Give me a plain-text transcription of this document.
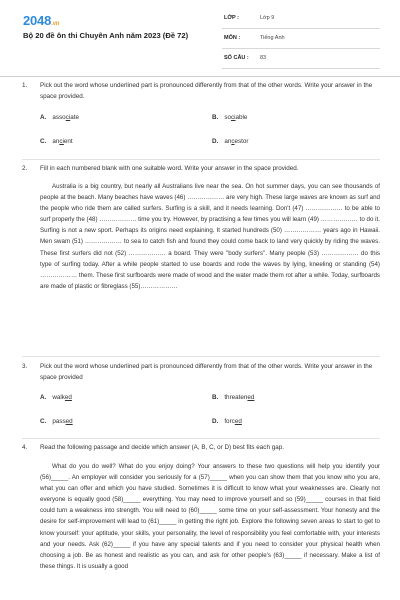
2048.vn
Bộ 20 đề ôn thi Chuyên Anh năm 2023 (Đề 72)
LỚP :	Lớp 9
MÔN :	Tiếng Anh
SỐ CÂU : 83
1. Pick out the word whose underlined part is pronounced differently from that of the other words. Write your answer in the space provided.
A. associate	B. sociable
C. ancient	D. ancestor
2. Fill in each numbered blank with one suitable word. Write your answer in the space provided.

Australia is a big country, but nearly all Australians live near the sea. On hot summer days, you can see thousands of people at the beach. Many beaches have waves (46) ……………… are very high. These large waves are known as surf and the people who ride them are called surfers. Surfing is a skill, and it needs learning. Don't (47) ……………… to be able to surf properly the (48) ……………… time you try. However, by practising a few times you will learn (49) ……………… to do it. Surfing is not a new sport. Perhaps its origins need explaining. It started hundreds (50) ……………… years ago in Hawaii. Men swam (51) ……………… to sea to catch fish and found they could come back to land very quickly by riding the waves. These first surfers did not (52) ……………… a board. They were "body surfers". Many people (53) ……………… do this type of surfing today. After a while people started to use boards and rode the waves by lying, kneeling or standing (54) ……………… them. These first surfboards were made of wood and the water made them rot after a while. Today, surfboards are made of plastic or fibreglass (55)………………

3. Pick out the word whose underlined part is pronounced differently from that of the other words. Write your answer in the space provided
A. walked	B. threatened
C. passed	D. forced
4. Read the following passage and decide which answer (A, B, C, or D) best fits each gap.

What do you do well? What do you enjoy doing? Your answers to these two questions will help you identify your (56)_____. An employer will consider you seriously for a (57)_____ when you can show them that you know who you are, what you can offer and which you have studied. Sometimes it is difficult to know what your weaknesses are. Clearly not everyone is equally good (58)_____ everything. You may need to improve yourself and so (59)_____ courses in that field could turn a weakness into strength. You will need to (60)_____ some time on your self-assessment. Your honesty and the desire for self-improvement will lead to (61)_____ in getting the right job. Explore the following seven areas to start to get to know yourself: your aptitude, your skills, your personality, the level of responsibility you feel comfortable with, your interests and your needs. Ask (62)_____ if you have any special talents and if you need to consider your physical health when choosing a job. Be as honest and realistic as you can, and ask for other people's (63)_____ if necessary. Make a list of these things. It is usually a good
